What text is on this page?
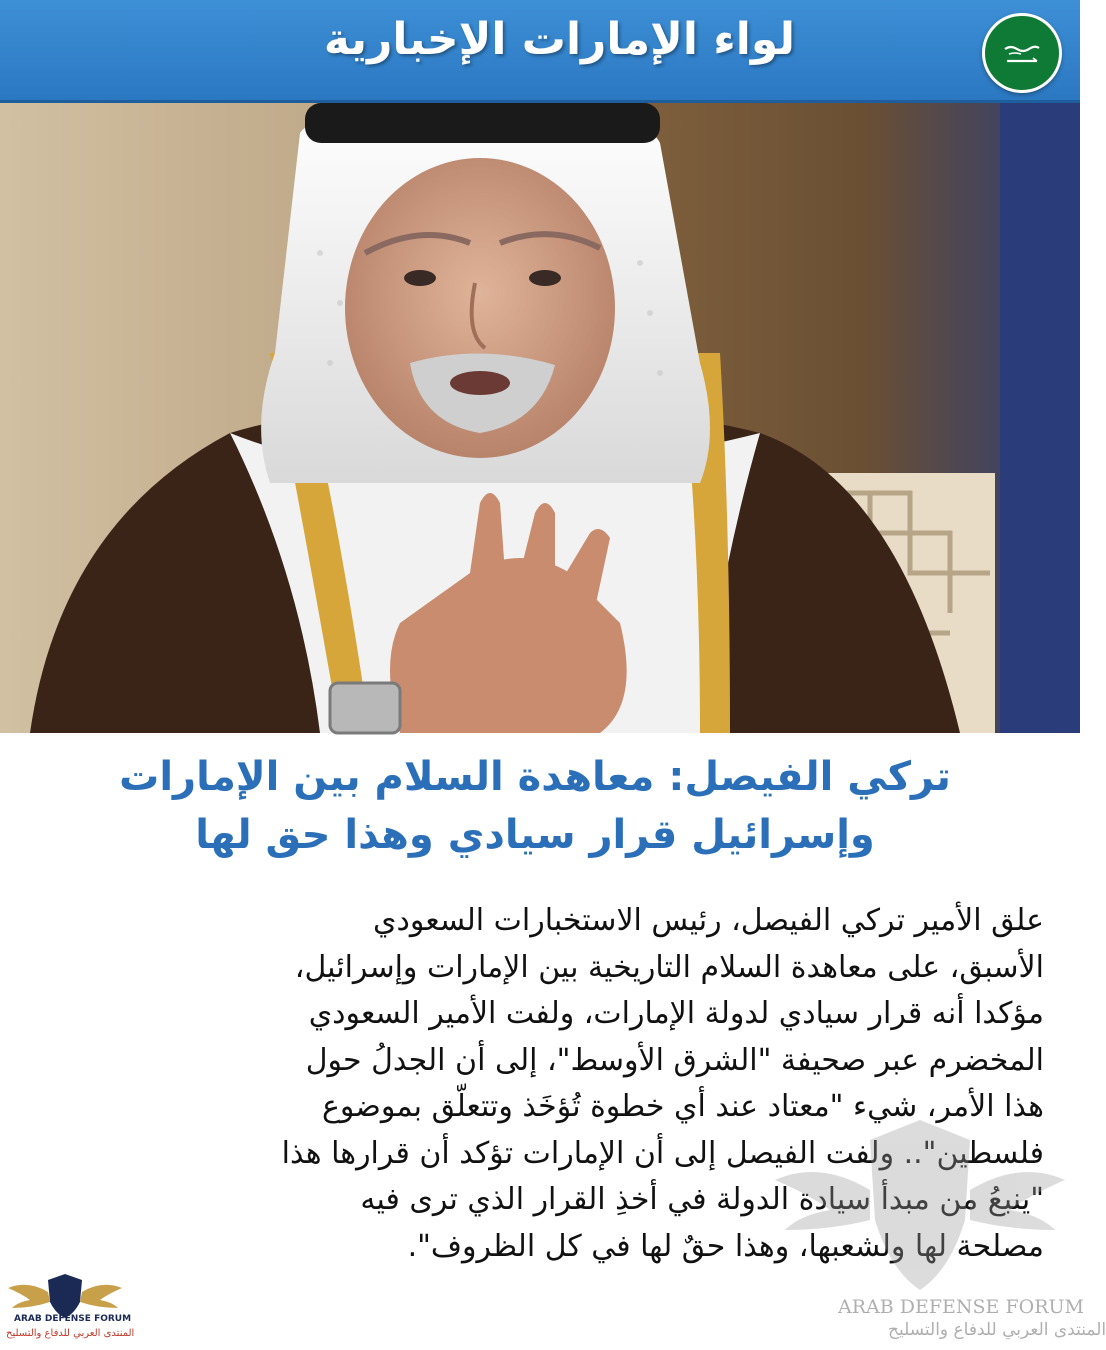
لواء الإمارات الإخبارية
تركي الفيصل: معاهدة السلام بين الإمارات
وإسرائيل قرار سيادي وهذا حق لها
علق الأمير تركي الفيصل، رئيس الاستخبارات السعودي
الأسبق، على معاهدة السلام التاريخية بين الإمارات وإسرائيل،
مؤكدا أنه قرار سيادي لدولة الإمارات، ولفت الأمير السعودي
المخضرم عبر صحيفة "الشرق الأوسط"، إلى أن الجدلُ حول
هذا الأمر، شيء "معتاد عند أي خطوة تُؤخَذ وتتعلّق بموضوع
فلسطين".. ولفت الفيصل إلى أن الإمارات تؤكد أن قرارها هذا
"ينبعُ من مبدأ سيادة الدولة في أخذِ القرار الذي ترى فيه
مصلحة لها ولشعبها، وهذا حقٌ لها في كل الظروف".
ARAB DEFENSE FORUM
المنتدى العربي للدفاع والتسليح
ARAB DEFENSE FORUM
المنتدى العربي للدفاع والتسليح
